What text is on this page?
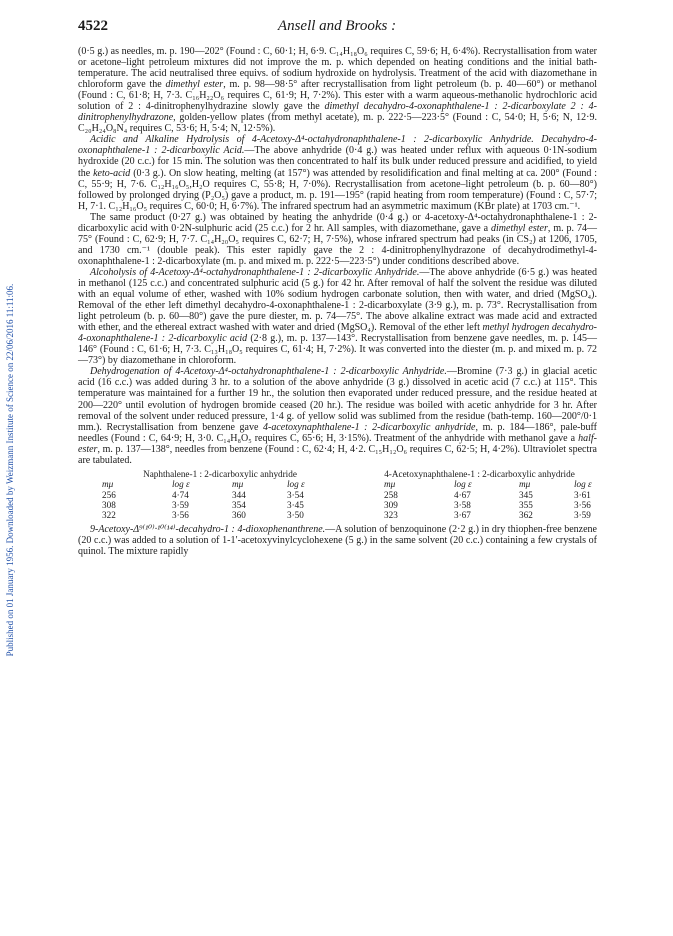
Published on 01 January 1956. Downloaded by Weizmann Institute of Science on 22/06/2016 11:11:06.
4522	Ansell and Brooks :

(0·5 g.) as needles, m. p. 190—202° (Found : C, 60·1; H, 6·9. C₁₄H₁₈O₆ requires C, 59·6; H, 6·4%). Recrystallisation from water or acetone–light petroleum mixtures did not improve the m. p. which depended on heating conditions and the initial bath-temperature. The acid neutralised three equivs. of sodium hydroxide on hydrolysis. Treatment of the acid with diazomethane in chloroform gave the dimethyl ester, m. p. 98—98·5° after recrystallisation from light petroleum (b. p. 40—60°) or methanol (Found : C, 61·8; H, 7·3. C₁₆H₂₂O₆ requires C, 61·9; H, 7·2%). This ester with a warm aqueous-methanolic hydrochloric acid solution of 2 : 4-dinitrophenylhydrazine slowly gave the dimethyl decahydro-4-oxonaphthalene-1 : 2-dicarboxylate 2 : 4-dinitrophenylhydrazone, golden-yellow plates (from methyl acetate), m. p. 222·5—223·5° (Found : C, 54·0; H, 5·6; N, 12·9. C₂₀H₂₄O₈N₄ requires C, 53·6; H, 5·4; N, 12·5%).

Acidic and Alkaline Hydrolysis of 4-Acetoxy-Δ⁴-octahydronaphthalene-1 : 2-dicarboxylic Anhydride. Decahydro-4-oxonaphthalene-1 : 2-dicarboxylic Acid.—The above anhydride (0·4 g.) was heated under reflux with aqueous 0·1N-sodium hydroxide (20 c.c.) for 15 min. The solution was then concentrated to half its bulk under reduced pressure and acidified, to yield the keto-acid (0·3 g.). On slow heating, melting (at 157°) was attended by resolidification and final melting at ca. 200° (Found : C, 55·9; H, 7·6. C₁₂H₁₆O₅,H₂O requires C, 55·8; H, 7·0%). Recrystallisation from acetone–light petroleum (b. p. 60—80°) followed by prolonged drying (P₂O₅) gave a product, m. p. 191—195° (rapid heating from room temperature) (Found : C, 57·7; H, 7·1. C₁₂H₁₆O₅ requires C, 60·0; H, 6·7%). The infrared spectrum had an asymmetric maximum (KBr plate) at 1703 cm.⁻¹.

The same product (0·27 g.) was obtained by heating the anhydride (0·4 g.) or 4-acetoxy-Δ⁴-octahydronaphthalene-1 : 2-dicarboxylic acid with 0·2N-sulphuric acid (25 c.c.) for 2 hr. All samples, with diazomethane, gave a dimethyl ester, m. p. 74—75° (Found : C, 62·9; H, 7·7. C₁₄H₂₀O₅ requires C, 62·7; H, 7·5%), whose infrared spectrum had peaks (in CS₂) at 1206, 1705, and 1730 cm.⁻¹ (double peak). This ester rapidly gave the 2 : 4-dinitrophenylhydrazone of decahydrodimethyl-4-oxonaphthalene-1 : 2-dicarboxylate (m. p. and mixed m. p. 222·5—223·5°) under conditions described above.

Alcoholysis of 4-Acetoxy-Δ⁴-octahydronaphthalene-1 : 2-dicarboxylic Anhydride.—The above anhydride (6·5 g.) was heated in methanol (125 c.c.) and concentrated sulphuric acid (5 g.) for 42 hr. After removal of half the solvent the residue was diluted with an equal volume of ether, washed with 10% sodium hydrogen carbonate solution, then with water, and dried (MgSO₄). Removal of the ether left dimethyl decahydro-4-oxonaphthalene-1 : 2-dicarboxylate (3·9 g.), m. p. 73°. Recrystallisation from light petroleum (b. p. 60—80°) gave the pure diester, m. p. 74—75°. The above alkaline extract was made acid and extracted with ether, and the ethereal extract washed with water and dried (MgSO₄). Removal of the ether left methyl hydrogen decahydro-4-oxonaphthalene-1 : 2-dicarboxylic acid (2·8 g.), m. p. 137—143°. Recrystallisation from benzene gave needles, m. p. 145—146° (Found : C, 61·6; H, 7·3. C₁₃H₁₈O₅ requires C, 61·4; H, 7·2%). It was converted into the diester (m. p. and mixed m. p. 72—73°) by diazomethane in chloroform.

Dehydrogenation of 4-Acetoxy-Δ⁴-octahydronaphthalene-1 : 2-dicarboxylic Anhydride.—Bromine (7·3 g.) in glacial acetic acid (16 c.c.) was added during 3 hr. to a solution of the above anhydride (3 g.) dissolved in acetic acid (7 c.c.) at 115°. This temperature was maintained for a further 19 hr., the solution then evaporated under reduced pressure, and the residue heated at 200—220° until evolution of hydrogen bromide ceased (20 hr.). The residue was boiled with acetic anhydride for 3 hr. After removal of the solvent under reduced pressure, 1·4 g. of yellow solid was sublimed from the residue (bath-temp. 160—200°/0·1 mm.). Recrystallisation from benzene gave 4-acetoxynaphthalene-1 : 2-dicarboxylic anhydride, m. p. 184—186°, pale-buff needles (Found : C, 64·9; H, 3·0. C₁₄H₈O₅ requires C, 65·6; H, 3·15%). Treatment of the anhydride with methanol gave a half-ester, m. p. 137—138°, needles from benzene (Found : C, 62·4; H, 4·2. C₁₅H₁₂O₆ requires C, 62·5; H, 4·2%). Ultraviolet spectra are tabulated.

Naphthalene-1 : 2-dicarboxylic anhydride				4-Acetoxynaphthalene-1 : 2-dicarboxylic anhydride			
mμ	log ε	mμ	log ε	mμ	log ε	mμ	log ε
256	4·74	344	3·54	258	4·67	345	3·61
308	3·59	354	3·45	309	3·58	355	3·56
322	3·56	360	3·50	323	3·67	362	3·59

9-Acetoxy-Δ⁹⁽¹⁰⁾·¹⁰⁽¹⁴⁾-decahydro-1 : 4-dioxophenanthrene.—A solution of benzoquinone (2·2 g.) in dry thiophen-free benzene (20 c.c.) was added to a solution of 1-1′-acetoxyvinylcyclohexene (5 g.) in the same solvent (20 c.c.) containing a few crystals of quinol. The mixture rapidly
